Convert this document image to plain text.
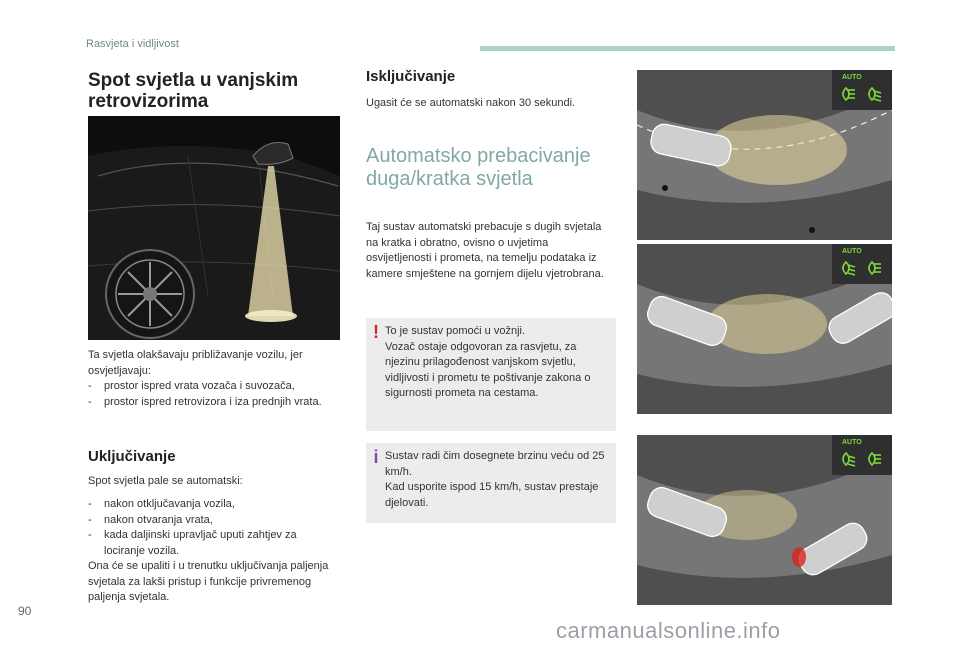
Rasvjeta i vidljivost
Spot svjetla u vanjskim
retrovizorima
Ta svjetla olakšavaju približavanje vozilu, jer osvjetljavaju:
- prostor ispred vrata vozača i suvozača,
- prostor ispred retrovizora i iza prednjih vrata.
Uključivanje
Spot svjetla pale se automatski:
- nakon otključavanja vozila,
- nakon otvaranja vrata,
- kada daljinski upravljač uputi zahtjev za lociranje vozila.
Ona će se upaliti i u trenutku uključivanja paljenja svjetala za lakši pristup i funkcije privremenog paljenja svjetala.
Isključivanje
Ugasit će se automatski nakon 30 sekundi.
Automatsko prebacivanje
duga/kratka svjetla
Taj sustav automatski prebacuje s dugih svjetala na kratka i obratno, ovisno o uvjetima osvijetljenosti i prometa, na temelju podataka iz kamere smještene na gornjem dijelu vjetrobrana.
! To je sustav pomoći u vožnji.
Vozač ostaje odgovoran za rasvjetu, za njezinu prilagođenost vanjskom svjetlu, vidljivosti i prometu te poštivanje zakona o sigurnosti prometa na cestama.
i Sustav radi čim dosegnete brzinu veću od 25 km/h.
Kad usporite ispod 15 km/h, sustav prestaje djelovati.
AUTO
AUTO
AUTO
90
carmanualsonline.info
